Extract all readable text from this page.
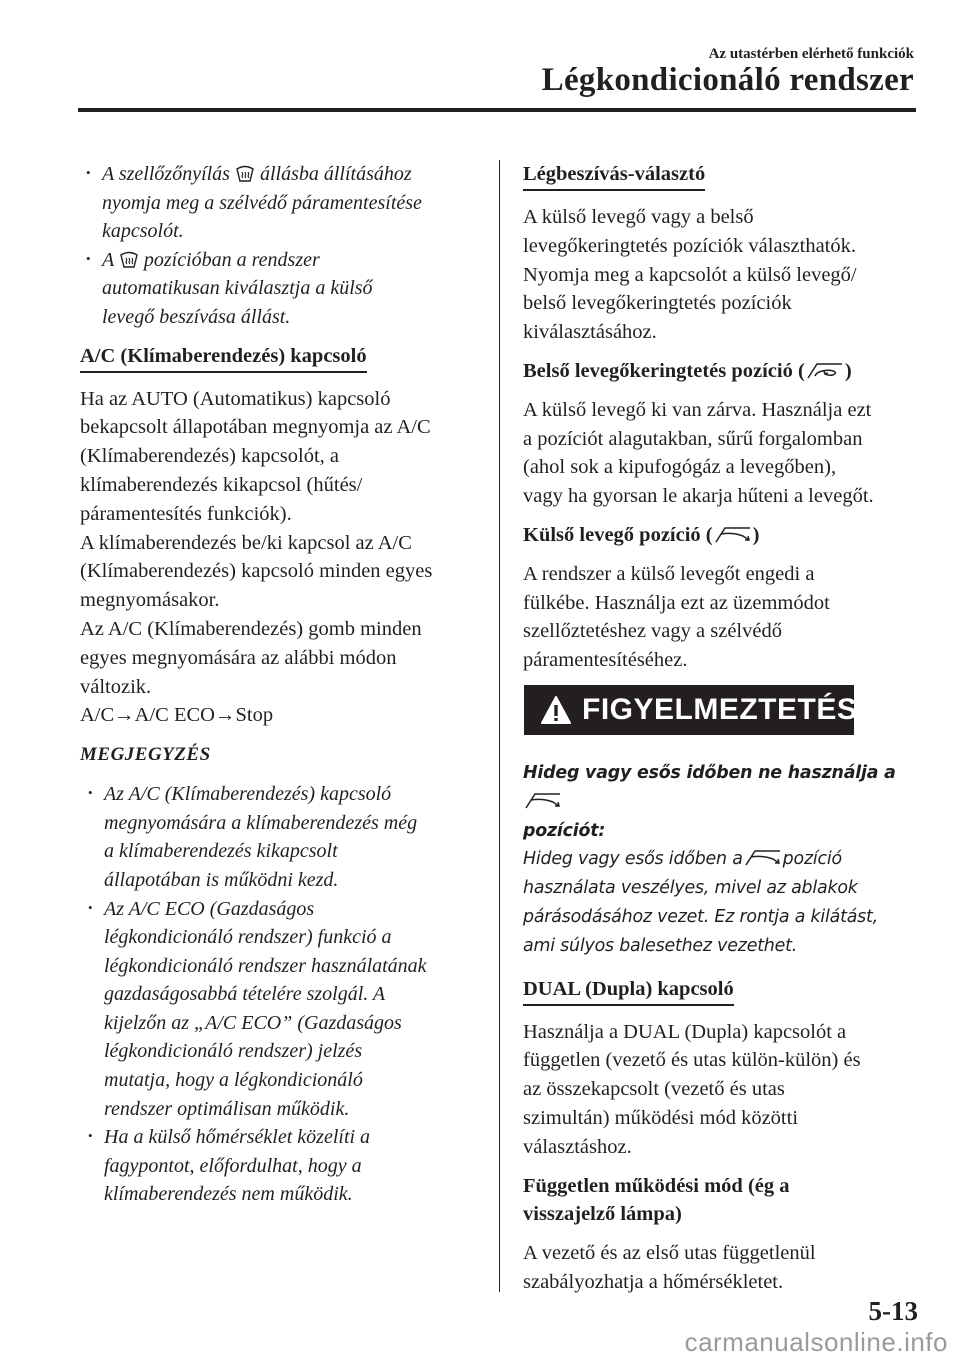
Az utastérben elérhető funkciók
Légkondicionáló rendszer
• A szellőzőnyílás állásba állításához
nyomja meg a szélvédő páramentesítése
kapcsolót.
• A pozícióban a rendszer
automatikusan kiválasztja a külső
levegő beszívása állást.
A/C (Klímaberendezés) kapcsoló

Ha az AUTO (Automatikus) kapcsoló
bekapcsolt állapotában megnyomja az A/C
(Klímaberendezés) kapcsolót, a
klímaberendezés kikapcsol (hűtés/
páramentesítés funkciók).

A klímaberendezés be/ki kapcsol az A/C
(Klímaberendezés) kapcsoló minden egyes
megnyomásakor.

Az A/C (Klímaberendezés) gomb minden
egyes megnyomására az alábbi módon
változik.

A/C→A/C ECO→Stop

MEGJEGYZÉS
• Az A/C (Klímaberendezés) kapcsoló
megnyomására a klímaberendezés még
a klímaberendezés kikapcsolt
állapotában is működni kezd.
• Az A/C ECO (Gazdaságos
légkondicionáló rendszer) funkció a
légkondicionáló rendszer használatának
gazdaságosabbá tételére szolgál. A
kijelzőn az „A/C ECO” (Gazdaságos
légkondicionáló rendszer) jelzés
mutatja, hogy a légkondicionáló
rendszer optimálisan működik.
• Ha a külső hőmérséklet közelíti a
fagypontot, előfordulhat, hogy a
klímaberendezés nem működik.
Légbeszívás-választó

A külső levegő vagy a belső
levegőkeringtetés pozíciók választhatók.
Nyomja meg a kapcsolót a külső levegő/
belső levegőkeringtetés pozíciók
kiválasztásához.

Belső levegőkeringtetés pozíció ( )

A külső levegő ki van zárva. Használja ezt
a pozíciót alagutakban, sűrű forgalomban
(ahol sok a kipufogógáz a levegőben),
vagy ha gyorsan le akarja hűteni a levegőt.

Külső levegő pozíció ( )

A rendszer a külső levegőt engedi a
fülkébe. Használja ezt az üzemmódot
szellőztetéshez vagy a szélvédő
páramentesítéséhez.

FIGYELMEZTETÉS
Hideg vagy esős időben ne használja a
pozíciót:
Hideg vagy esős időben a pozíció
használata veszélyes, mivel az ablakok
párásodásához vezet. Ez rontja a kilátást,
ami súlyos balesethez vezethet.
DUAL (Dupla) kapcsoló

Használja a DUAL (Dupla) kapcsolót a
független (vezető és utas külön-külön) és
az összekapcsolt (vezető és utas
szimultán) működési mód közötti
választáshoz.

Független működési mód (ég a
visszajelző lámpa)

A vezető és az első utas függetlenül
szabályozhatja a hőmérsékletet.

5-13
carmanualsonline.info
